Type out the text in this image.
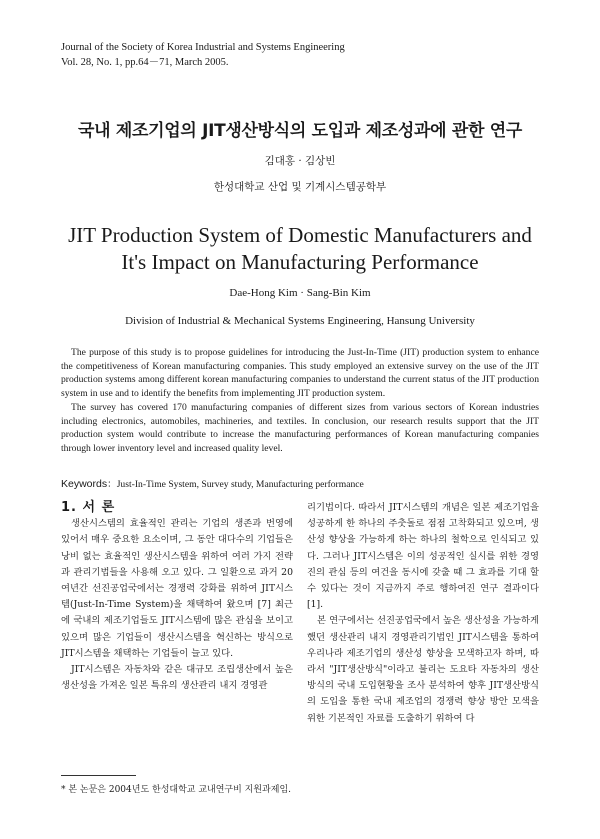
Journal of the Society of Korea Industrial and Systems Engineering
Vol. 28, No. 1, pp.64－71, March 2005.
국내 제조기업의 JIT생산방식의 도입과 제조성과에 관한 연구
김대홍 · 김상빈
한성대학교 산업 및 기계시스템공학부
JIT Production System of Domestic Manufacturers and
It's Impact on Manufacturing Performance
Dae-Hong Kim · Sang-Bin Kim
Division of Industrial & Mechanical Systems Engineering, Hansung University

The purpose of this study is to propose guidelines for introducing the Just-In-Time (JIT) production system to enhance the competitiveness of Korean manufacturing companies. This study employed an extensive survey on the use of the JIT production systems among different korean manufacturing companies to understand the current status of the JIT production system in use and to identify the benefits from implementing JIT production system.

The survey has covered 170 manufacturing companies of different sizes from various sectors of Korean industries including electronics, automobiles, machineries, and textiles. In conclusion, our research results support that the JIT production system would contribute to increase the manufacturing performances of Korean manufacturing companies through lower inventory level and increased quality level.

Keywords：Just-In-Time System, Survey study, Manufacturing performance

1. 서 론

생산시스템의 효율적인 관리는 기업의 생존과 번영에 있어서 매우 중요한 요소이며, 그 동안 대다수의 기업들은 낭비 없는 효율적인 생산시스템을 위하여 여러 가지 전략과 관리기법들을 사용해 오고 있다. 그 일환으로 과거 20여년간 선진공업국에서는 경쟁력 강화를 위하여 JIT시스템(Just-In-Time System)을 채택하여 왔으며 [7] 최근에 국내의 제조기업들도 JIT시스템에 많은 관심을 보이고 있으며 많은 기업들이 생산시스템을 혁신하는 방식으로 JIT시스템을 채택하는 기업들이 늘고 있다.

JIT시스템은 자동차와 같은 대규모 조립생산에서 높은 생산성을 가져온 일본 특유의 생산관리 내지 경영관

리기법이다. 따라서 JIT시스템의 개념은 일본 제조기업을 성공하게 한 하나의 주춧돌로 점점 고착화되고 있으며, 생산성 향상을 가능하게 하는 하나의 철학으로 인식되고 있다. 그러나 JIT시스템은 이의 성공적인 실시를 위한 경영진의 관심 등의 여건을 동시에 갖출 때 그 효과를 기대 할수 있다는 것이 지금까지 주로 행하여진 연구 결과이다 [1].

본 연구에서는 선진공업국에서 높은 생산성을 가능하게 했던 생산관리 내지 경영관리기법인 JIT시스템을 통하여 우리나라 제조기업의 생산성 향상을 모색하고자 하며, 따라서 "JIT생산방식"이라고 불리는 도요타 자동차의 생산방식의 국내 도입현황을 조사 분석하여 향후 JIT생산방식의 도입을 통한 국내 제조업의 경쟁력 향상 방안 모색을 위한 기본적인 자료를 도출하기 위하여 다

* 본 논문은 2004년도 한성대학교 교내연구비 지원과제임.
